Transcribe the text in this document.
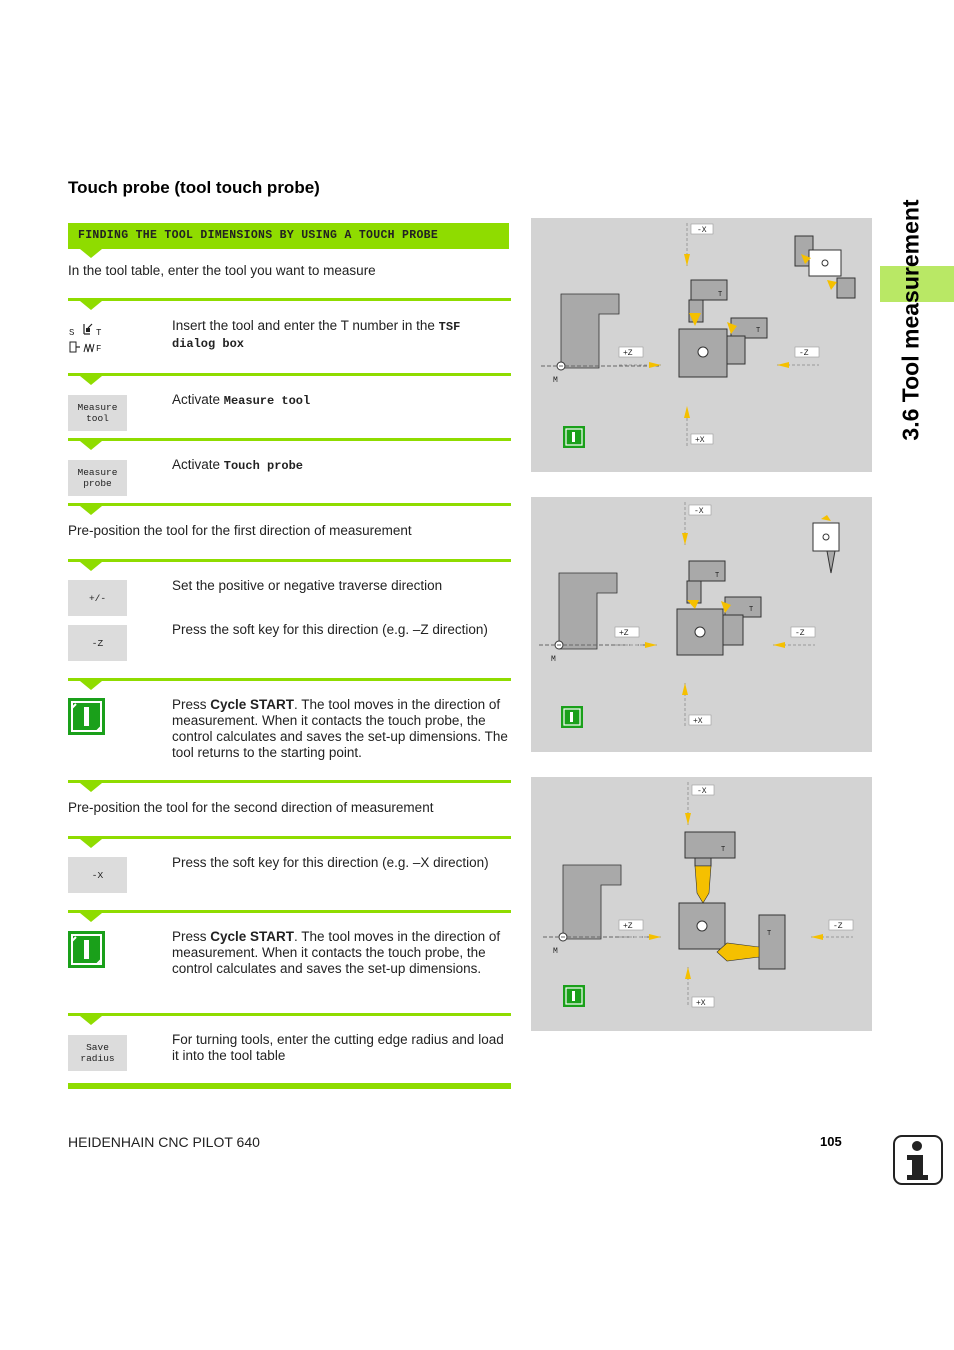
Touch probe (tool touch probe)
FINDING THE TOOL DIMENSIONS BY USING A TOUCH PROBE
In the tool table, enter the tool you want to measure
S T
F
Insert the tool and enter the T number in the TSF dialog box
Measure
tool
Activate Measure tool
Measure
probe
Activate Touch probe
Pre-position the tool for the first direction of measurement
+/-
Set the positive or negative traverse direction
-Z
Press the soft key for this direction (e.g. –Z direction)
Press Cycle START. The tool moves in the direction of measurement. When it contacts the touch probe, the control calculates and saves the set-up dimensions. The tool returns to the starting point.
Pre-position the tool for the second direction of measurement
-X
Press the soft key for this direction (e.g. –X direction)
Press Cycle START. The tool moves in the direction of measurement. When it contacts the touch probe, the control calculates and saves the set-up dimensions.
Save
radius
For turning tools, enter the cutting edge radius and load it into the tool table
-X
M
+Z
T
T
-Z
+X
-X
M
+Z
T
T
-Z
+X
-X
M
+Z
T
T
-Z
+X
3.6 Tool measurement
HEIDENHAIN CNC PILOT 640	105
